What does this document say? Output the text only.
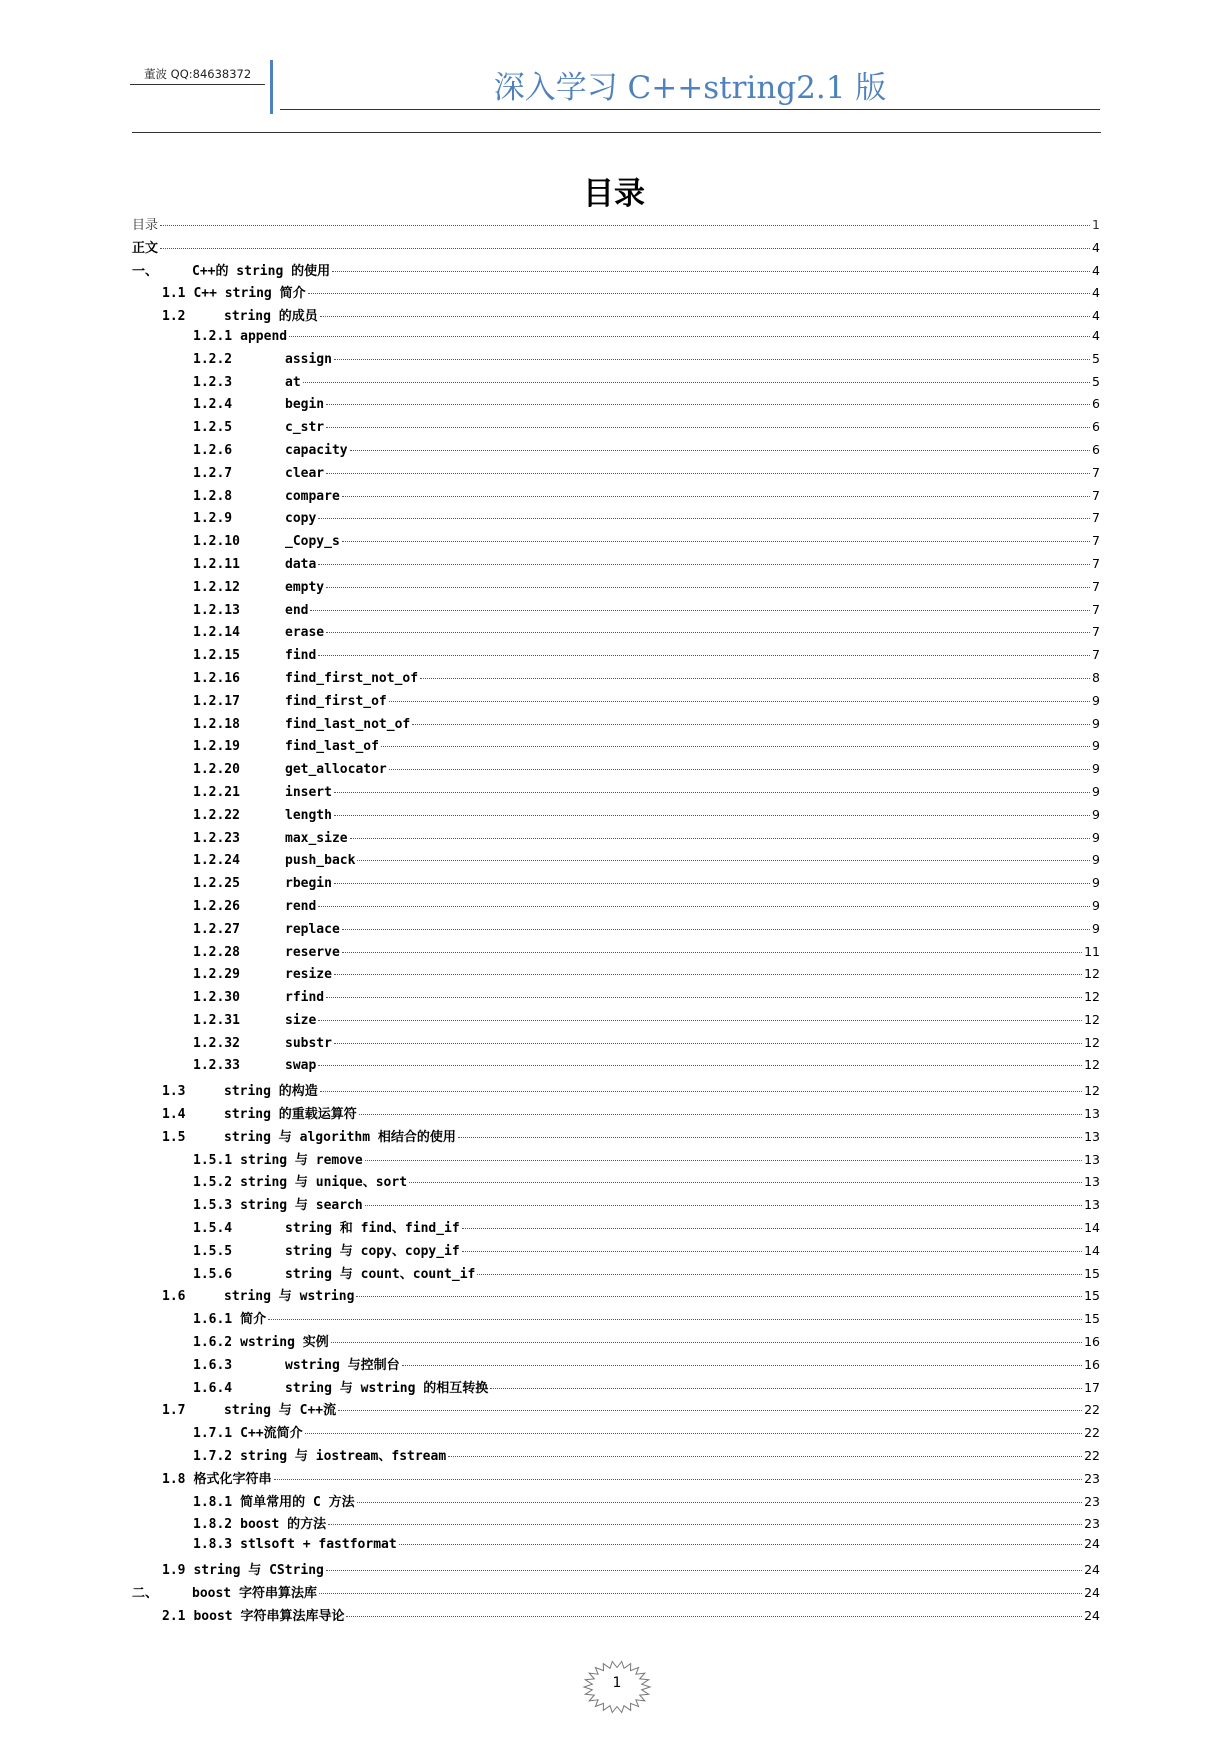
董波 QQ:84638372	深入学习 C++string2.1 版
目录
目录	1
正文	4
一、	C++的 string 的使用	4
1.1 C++ string 简介	4
1.2	string 的成员	4
1.2.1 append	4
1.2.2	assign	5
1.2.3	at	5
1.2.4	begin	6
1.2.5	c_str	6
1.2.6	capacity	6
1.2.7	clear	7
1.2.8	compare	7
1.2.9	copy	7
1.2.10	_Copy_s	7
1.2.11	data	7
1.2.12	empty	7
1.2.13	end	7
1.2.14	erase	7
1.2.15	find	7
1.2.16	find_first_not_of	8
1.2.17	find_first_of	9
1.2.18	find_last_not_of	9
1.2.19	find_last_of	9
1.2.20	get_allocator	9
1.2.21	insert	9
1.2.22	length	9
1.2.23	max_size	9
1.2.24	push_back	9
1.2.25	rbegin	9
1.2.26	rend	9
1.2.27	replace	9
1.2.28	reserve	11
1.2.29	resize	12
1.2.30	rfind	12
1.2.31	size	12
1.2.32	substr	12
1.2.33	swap	12
1.3	string 的构造	12
1.4	string 的重载运算符	13
1.5	string 与 algorithm 相结合的使用	13
1.5.1 string 与 remove	13
1.5.2 string 与 unique、sort	13
1.5.3 string 与 search	13
1.5.4	string 和 find、find_if	14
1.5.5	string 与 copy、copy_if	14
1.5.6	string 与 count、count_if	15
1.6	string 与 wstring	15
1.6.1 简介	15
1.6.2 wstring 实例	16
1.6.3	wstring 与控制台	16
1.6.4	string 与 wstring 的相互转换	17
1.7	string 与 C++流	22
1.7.1 C++流简介	22
1.7.2 string 与 iostream、fstream	22
1.8 格式化字符串	23
1.8.1 简单常用的 C 方法	23
1.8.2 boost 的方法	23
1.8.3 stlsoft + fastformat	24
1.9 string 与 CString	24
二、	boost 字符串算法库	24
2.1 boost 字符串算法库导论	24
1
